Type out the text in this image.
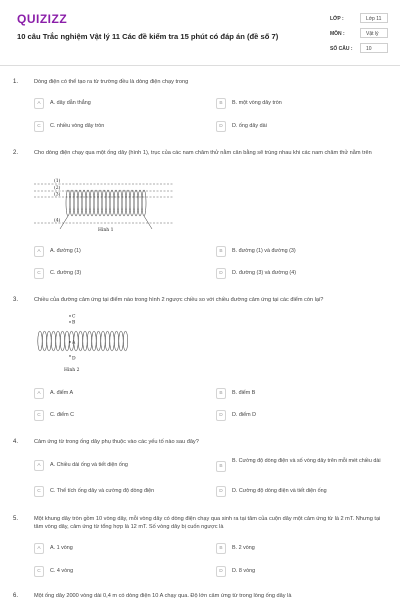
QUIZIZZ
10 câu Trắc nghiệm Vật lý 11 Các đề kiểm tra 15 phút có đáp án (đề số 7)
LỚP :	Lớp 11
MÔN :	Vật lý
SỐ CÂU :	10
1.	Dòng điện có thể tạo ra từ trường đều là dòng điện chạy trong
A	A. dây dẫn thẳng	B	B. một vòng dây tròn
C	C. nhiều vòng dây tròn	D	D. ống dây dài
2.	Cho dòng điện chạy qua một ống dây (hình 1), trục của các nam châm thử nằm cân bằng sẽ trùng nhau khi các nam châm thử nằm trên
(1)
(2)
(3)
(4)
Hình 1
A	A. đường (1)	B	B. đường (1) và đường (3)
C	C. đường (3)	D	D. đường (3) và đường (4)
3.	Chiều của đường cảm ứng tại điểm nào trong hình 2 ngược chiều so với chiều đường cảm ứng tại các điểm còn lại?
C
B
A
D
Hình 2
A	A. điểm A	B	B. điểm B
C	C. điểm C	D	D. điểm D
4.	Cảm ứng từ trong ống dây phụ thuộc vào các yếu tố nào sau đây?
A	A. Chiều dài ống và tiết diện ống	B
B. Cường độ dòng điện và số vòng dây trên mỗi mét chiều dài
C	C. Thể tích ống dây và cường độ dòng điện	D	D. Cường độ dòng điện và tiết diện ống
5.	Một khung dây tròn gồm 10 vòng dây, mỗi vòng dây có dòng điện chạy qua sinh ra tại tâm của cuộn dây một cảm ứng từ là 2 mT. Nhưng tại tâm vòng dây, cảm ứng từ tổng hợp là 12 mT. Số vòng dây bị cuốn ngược là
A	A. 1 vòng	B	B. 2 vòng
C	C. 4 vòng	D	D. 8 vòng
6.	Một ống dây 2000 vòng dài 0,4 m có dòng điện 10 A chạy qua. Độ lớn cảm ứng từ trong lòng ống dây là
